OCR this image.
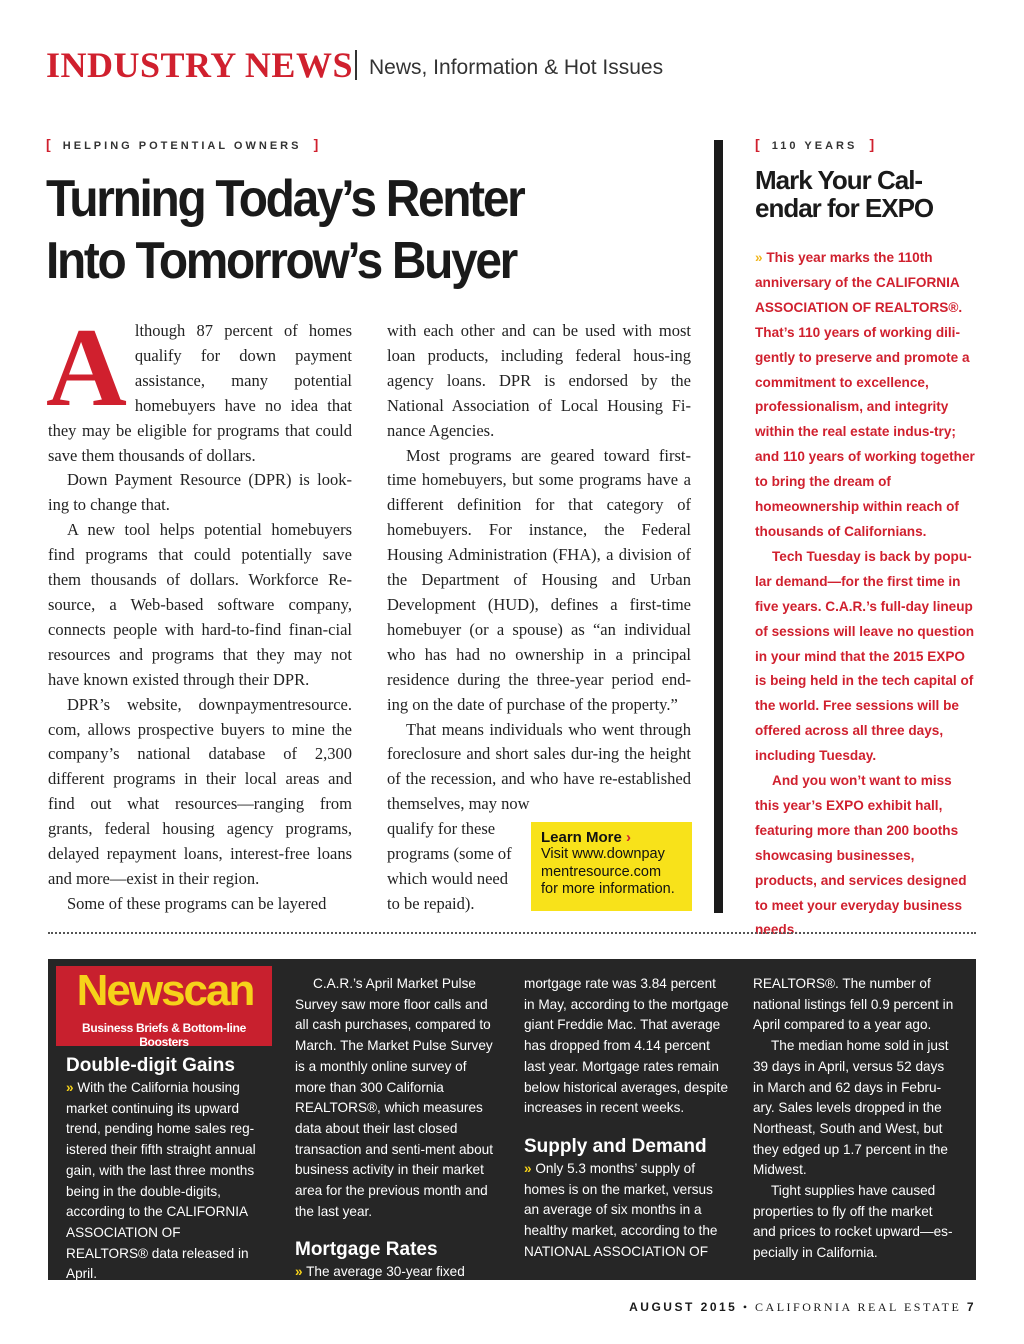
INDUSTRY NEWS News, Information & Hot Issues
[ HELPING POTENTIAL OWNERS ]
Turning Today’s Renter
Into Tomorrow’s Buyer

Although 87 percent of homes qualify for down payment assistance, many potential homebuyers have no idea that they may be eligible for programs that could save them thousands of dollars.

Down Payment Resource (DPR) is look-ing to change that.

A new tool helps potential homebuyers find programs that could potentially save them thousands of dollars. Workforce Re-source, a Web-based software company, connects people with hard-to-find finan-cial resources and programs that they may not have known existed through their DPR.

DPR’s website, downpaymentresource. com, allows prospective buyers to mine the company’s national database of 2,300 different programs in their local areas and find out what resources—ranging from grants, federal housing agency programs, delayed repayment loans, interest-free loans and more—exist in their region.

Some of these programs can be layered

with each other and can be used with most loan products, including federal hous-ing agency loans. DPR is endorsed by the National Association of Local Housing Fi-nance Agencies.

Most programs are geared toward first-time homebuyers, but some programs have a different definition for that category of homebuyers. For instance, the Federal Housing Administration (FHA), a division of the Department of Housing and Urban Development (HUD), defines a first-time homebuyer (or a spouse) as “an individual who has had no ownership in a principal residence during the three-year period end-ing on the date of purchase of the property.”

That means individuals who went through foreclosure and short sales dur-ing the height of the recession, and who have re-established themselves, may now

qualify for these programs (some of which would need to be repaid).

Learn More ›
Visit www.downpay
mentresource.com
for more information.
[ 110 YEARS ]
Mark Your Cal-endar for EXPO

» This year marks the 110th anniversary of the CALIFORNIA ASSOCIATION OF REALTORS®. That’s 110 years of working dili-gently to preserve and promote a commitment to excellence, professionalism, and integrity within the real estate indus-try; and 110 years of working together to bring the dream of homeownership within reach of thousands of Californians.

Tech Tuesday is back by popu-lar demand—for the first time in five years. C.A.R.’s full-day lineup of sessions will leave no question in your mind that the 2015 EXPO is being held in the tech capital of the world. Free sessions will be offered across all three days, including Tuesday.

And you won’t want to miss this year’s EXPO exhibit hall, featuring more than 200 booths showcasing businesses, products, and services designed to meet your everyday business needs.

Newscan
Business Briefs & Bottom-line Boosters
Double-digit Gains

» With the California housing market continuing its upward trend, pending home sales reg-istered their fifth straight annual gain, with the last three months being in the double-digits, according to the CALIFORNIA ASSOCIATION OF REALTORS® data released in April.

C.A.R.’s April Market Pulse Survey saw more floor calls and all cash purchases, compared to March. The Market Pulse Survey is a monthly online survey of more than 300 California REALTORS®, which measures data about their last closed transaction and senti-ment about business activity in their market area for the previous month and the last year.

Mortgage Rates

» The average 30-year fixed

mortgage rate was 3.84 percent in May, according to the mortgage giant Freddie Mac. That average has dropped from 4.14 percent last year. Mortgage rates remain below historical averages, despite increases in recent weeks.

Supply and Demand

» Only 5.3 months’ supply of homes is on the market, versus an average of six months in a healthy market, according to the NATIONAL ASSOCIATION OF

REALTORS®. The number of national listings fell 0.9 percent in April compared to a year ago.

The median home sold in just 39 days in April, versus 52 days in March and 62 days in Febru-ary. Sales levels dropped in the Northeast, South and West, but they edged up 1.7 percent in the Midwest.

Tight supplies have caused properties to fly off the market and prices to rocket upward—es-pecially in California.

AUGUST 2015 • CALIFORNIA REAL ESTATE 7
